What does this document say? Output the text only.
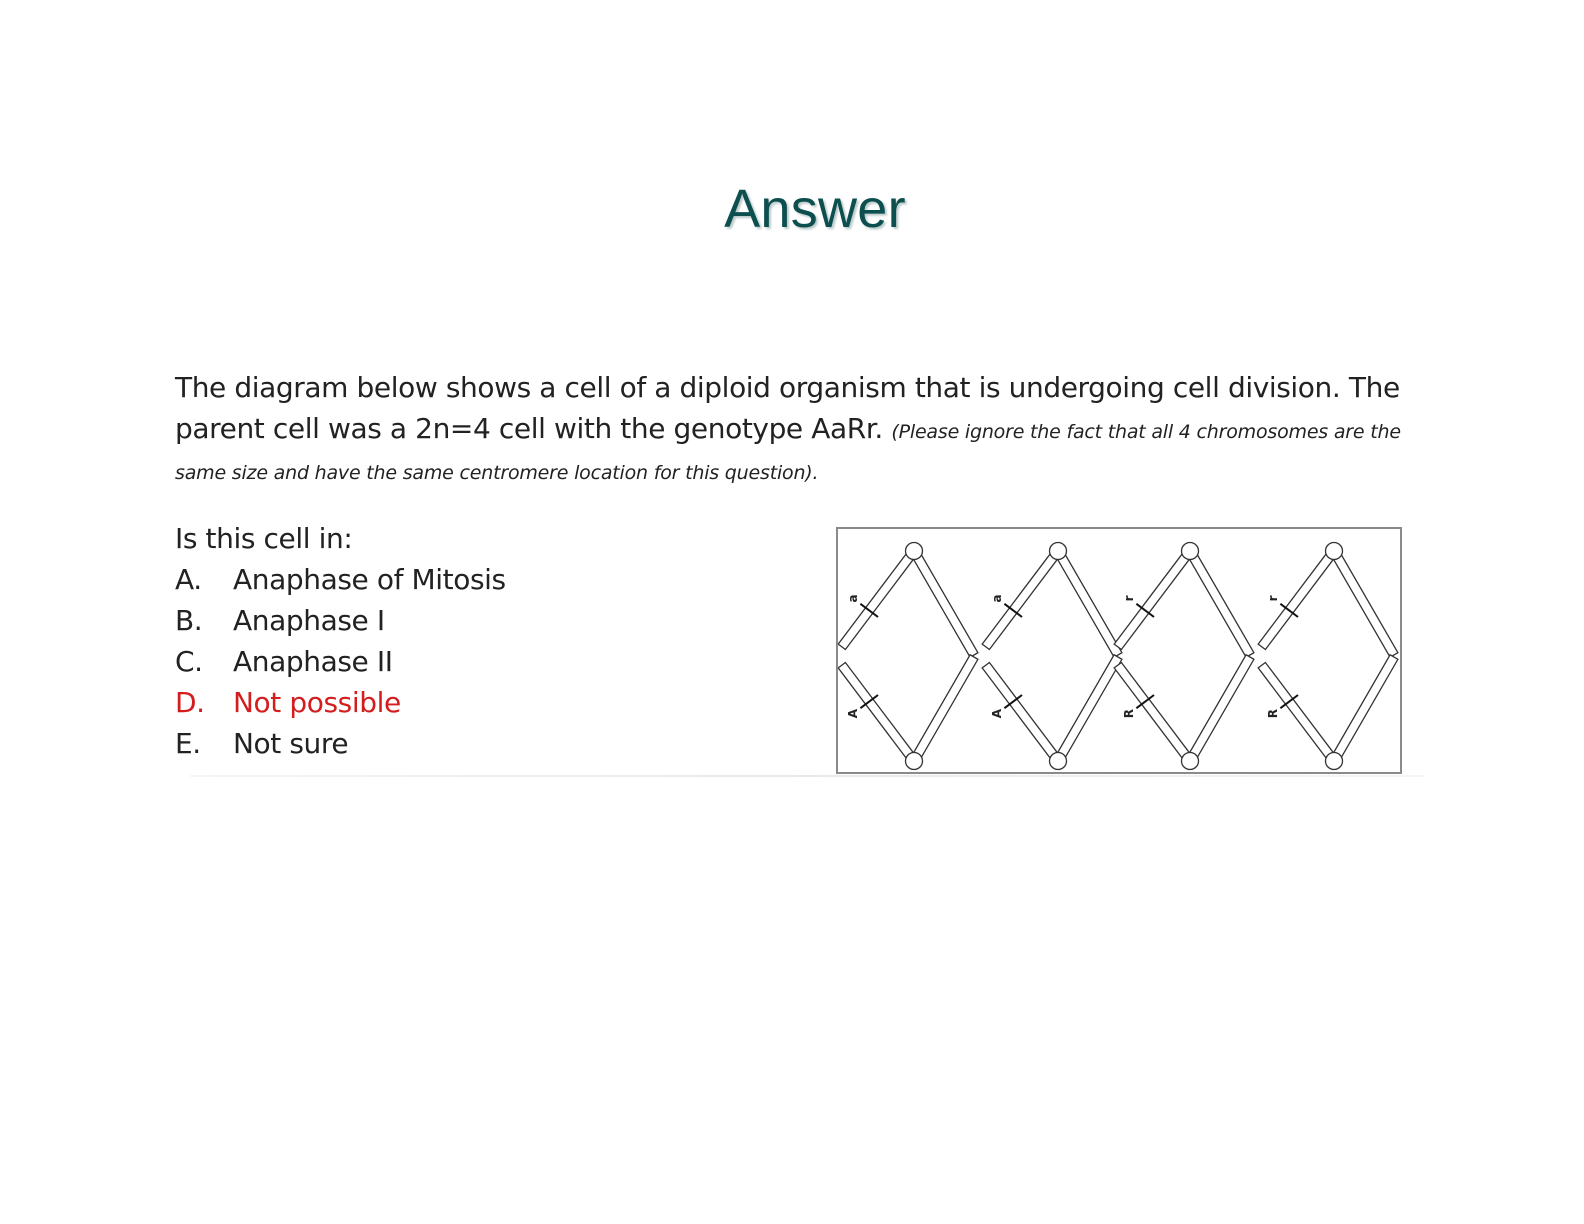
Answer

The diagram below shows a cell of a diploid organism that is undergoing cell division. The parent cell was a 2n=4 cell with the genotype AaRr. (Please ignore the fact that all 4 chromosomes are the same size and have the same centromere location for this question).

Is this cell in:

A.	Anaphase of Mitosis
B.	Anaphase I
C.	Anaphase II
D.	Not possible
E.	Not sure
a
A
a
A
r
R
r
R
